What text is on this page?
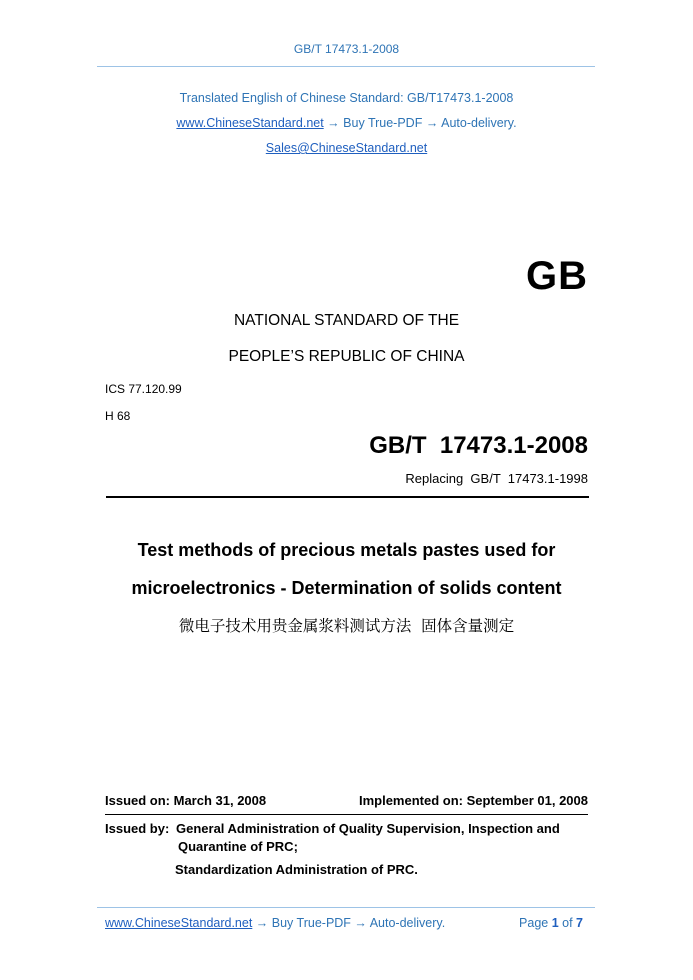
GB/T 17473.1-2008
Translated English of Chinese Standard: GB/T17473.1-2008
www.ChineseStandard.net → Buy True-PDF → Auto-delivery.
Sales@ChineseStandard.net
GB
NATIONAL STANDARD OF THE
PEOPLE’S REPUBLIC OF CHINA
ICS 77.120.99
H 68
GB/T  17473.1-2008
Replacing  GB/T  17473.1-1998
Test methods of precious metals pastes used for
microelectronics - Determination of solids content
微电子技术用贵金属浆料测试方法  固体含量测定
Issued on: March 31, 2008	Implemented on: September 01, 2008
Issued by: General Administration of Quality Supervision, Inspection and
Quarantine of PRC;
Standardization Administration of PRC.
www.ChineseStandard.net → Buy True-PDF → Auto-delivery.	Page 1 of 7
